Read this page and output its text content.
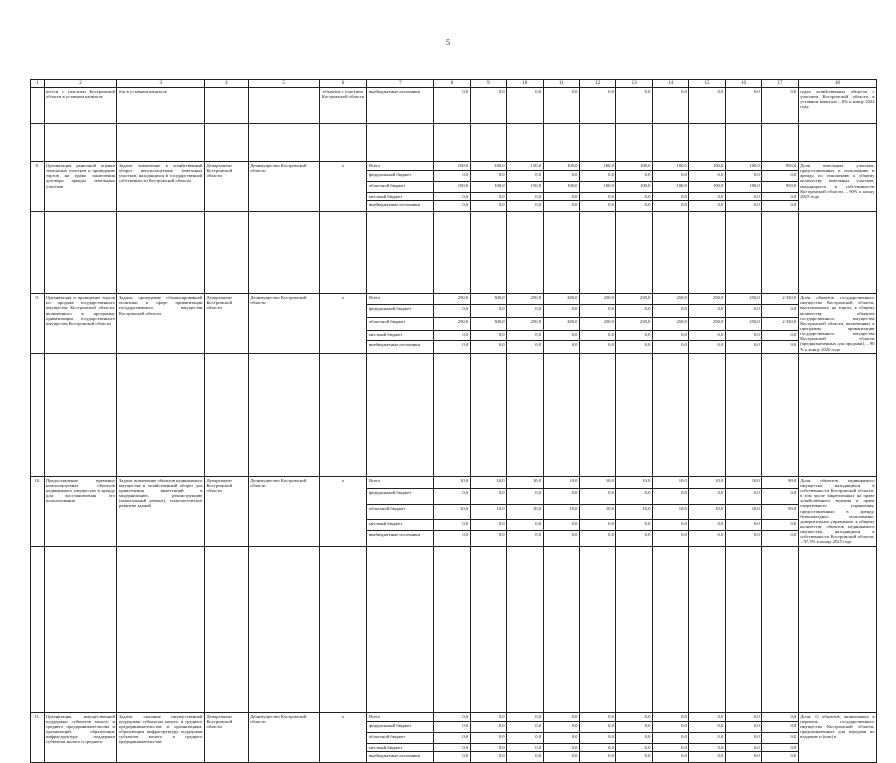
5
1	2	3	4	5	6	7	8	9	10	11	12	13	14	15	16	17	18
	шести с участием Костромской области в уставном капитале	ети в уставном капитале			объектов с участием Костромской области	внебюджетные источники	0,0	0,0	0,0	0,0	0,0	0,0	0,0	0,0	0,0	0,0	годах хозяйственных обществ с участием Костромской области в уставном капитале – 6% к концу 2022 года

8.	Организация рыночной оценки земельных участков и проведение торгов на право заключения договора аренды земельных участков	Задача: вовлечение в хозяйственный оборот неиспользуемых земельных участков, находящихся в государственной собственности Костромской области	Департамент Костромской области	Депимущество Костромской области	х	Всего	100,0	100,0	150,0	100,0	100,0	100,0	100,0	100,0	100,0	950,0	Доля земельных участков, предоставленных в пользование и аренду, по отношению к общему количеству земельных участков, находящихся в собственности Костромской области, – 90% к концу 2025 года
						федеральный бюджет	0,0	0,0	0,0	0,0	0,0	0,0	0,0	0,0	0,0	0,0	
						областной бюджет	100,0	100,0	150,0	100,0	100,0	100,0	100,0	100,0	100,0	950,0	
						местный бюджет	0,0	0,0	0,0	0,0	0,0	0,0	0,0	0,0	0,0	0,0	
						внебюджетные источники	0,0	0,0	0,0	0,0	0,0	0,0	0,0	0,0	0,0	0,0	

9.	Организация и проведение торгов по продаже государственного имущества Костромской области, включенного в программу приватизации государственного имущества Костромской области	Задача: проведение сбалансированной политики в сфере приватизации государственного имущества Костромской области	Департамент Костромской области	Депимущество Костромской области	х	Всего	250,0	300,0	250,0	280,0	250,0	250,0	250,0	250,0	250,0	2 330,0	Доля объектов государственного имущества Костромской области, выставленного на торгах, к общему количеству объектов государственного имущества Костромской области, включенных в программу приватизации государственного имущества Костромской области (предназначенных для продажи), – 90 % к концу 2020 года
						федеральный бюджет	0,0	0,0	0,0	0,0	0,0	0,0	0,0	0,0	0,0	0,0	
						областной бюджет	250,0	300,0	250,0	280,0	250,0	250,0	250,0	250,0	250,0	2 330,0	
						местный бюджет	0,0	0,0	0,0	0,0	0,0	0,0	0,0	0,0	0,0	0,0	
						внебюджетные источники	0,0	0,0	0,0	0,0	0,0	0,0	0,0	0,0	0,0	0,0	

10.	Предоставление временно неиспользуемых объектов недвижимого имущества в аренду для восстановления его использования	Задача: вовлечение объектов недвижимого имущества в хозяйственный оборот для привлечения инвестиций в модернизацию, реконструкцию (капитальный ремонт), технологическое развитие зданий	Департамент Костромской области	Депимущество Костромской области	х	Всего	10,0	10,0	10,0	10,0	10,0	10,0	10,0	10,0	10,0	90,0	Доля объектов недвижимого имущества, находящихся в собственности Костромской области, в том числе закрепленных на праве хозяйственного ведения и праве оперативного управления, предоставленных в аренду, безвозмездное пользование, доверительное управление, к общему количеству объектов недвижимого имущества, находящихся в собственности Костромской области, – 97,5% к концу 2025 года
						федеральный бюджет	0,0	0,0	0,0	0,0	0,0	0,0	0,0	0,0	0,0	0,0	
						областной бюджет	10,0	10,0	10,0	10,0	10,0	10,0	10,0	10,0	10,0	90,0	
						местный бюджет	0,0	0,0	0,0	0,0	0,0	0,0	0,0	0,0	0,0	0,0	
						внебюджетные источники	0,0	0,0	0,0	0,0	0,0	0,0	0,0	0,0	0,0	0,0	

11.	Организация имущественной поддержки субъектов малого и среднего предпринимательства и организаций, образующих инфраструктуру поддержки субъектов малого и среднего	Задача: оказание имущественной поддержки субъектам малого и среднего предпринимательства и организациям, образующим инфраструктуру поддержки субъектов малого и среднего предпринимательства	Департамент Костромской области	Депимущество Костромской области	х	Всего	0,0	0,0	0,0	0,0	0,0	0,0	0,0	0,0	0,0	0,0	Доля: 1) объектов, включенных в перечень государственного имущества Костромской области, предназначенных для передачи во владение и (или) в
						федеральный бюджет	0,0	0,0	0,0	0,0	0,0	0,0	0,0	0,0	0,0	0,0	
						областной бюджет	0,0	0,0	0,0	0,0	0,0	0,0	0,0	0,0	0,0	0,0	
						местный бюджет	0,0	0,0	0,0	0,0	0,0	0,0	0,0	0,0	0,0	0,0	
						внебюджетные источники	0,0	0,0	0,0	0,0	0,0	0,0	0,0	0,0	0,0	0,0	
